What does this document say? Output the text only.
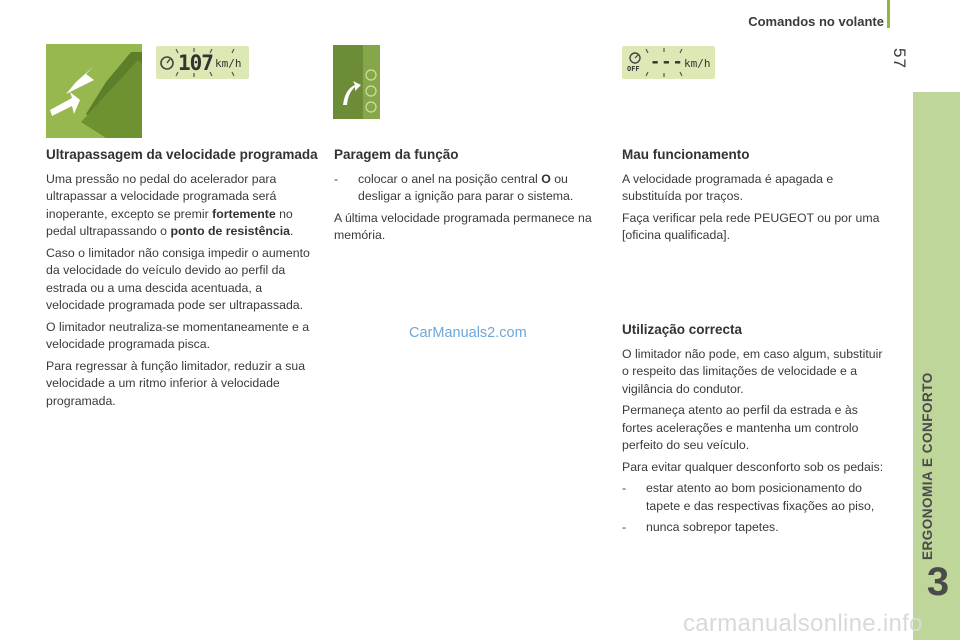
Comandos no volante
57
ERGONOMIA E CONFORTO
3
107 km/h	OFF --- km/h
Ultrapassagem da velocidade programada

Uma pressão no pedal do acelerador para ultrapassar a velocidade programada será inoperante, excepto se premir fortemente no pedal ultrapassando o ponto de resistência.

Caso o limitador não consiga impedir o aumento da velocidade do veículo devido ao perfil da estrada ou a uma descida acentuada, a velocidade programada pode ser ultrapassada.

O limitador neutraliza-se momentaneamente e a velocidade programada pisca.

Para regressar à função limitador, reduzir a sua velocidade a um ritmo inferior à velocidade programada.

Paragem da função
-	colocar o anel na posição central O ou desligar a ignição para parar o sistema.

A última velocidade programada permanece na memória.

Mau funcionamento

A velocidade programada é apagada e substituída por traços.

Faça verificar pela rede PEUGEOT ou por uma [oficina qualificada].

Utilização correcta

O limitador não pode, em caso algum, substituir o respeito das limitações de velocidade e a vigilância do condutor.

Permaneça atento ao perfil da estrada e às fortes acelerações e mantenha um controlo perfeito do seu veículo.

Para evitar qualquer desconforto sob os pedais:

-	estar atento ao bom posicionamento do tapete e das respectivas fixações ao piso,
-	nunca sobrepor tapetes.
CarManuals2.com
carmanualsonline.info
